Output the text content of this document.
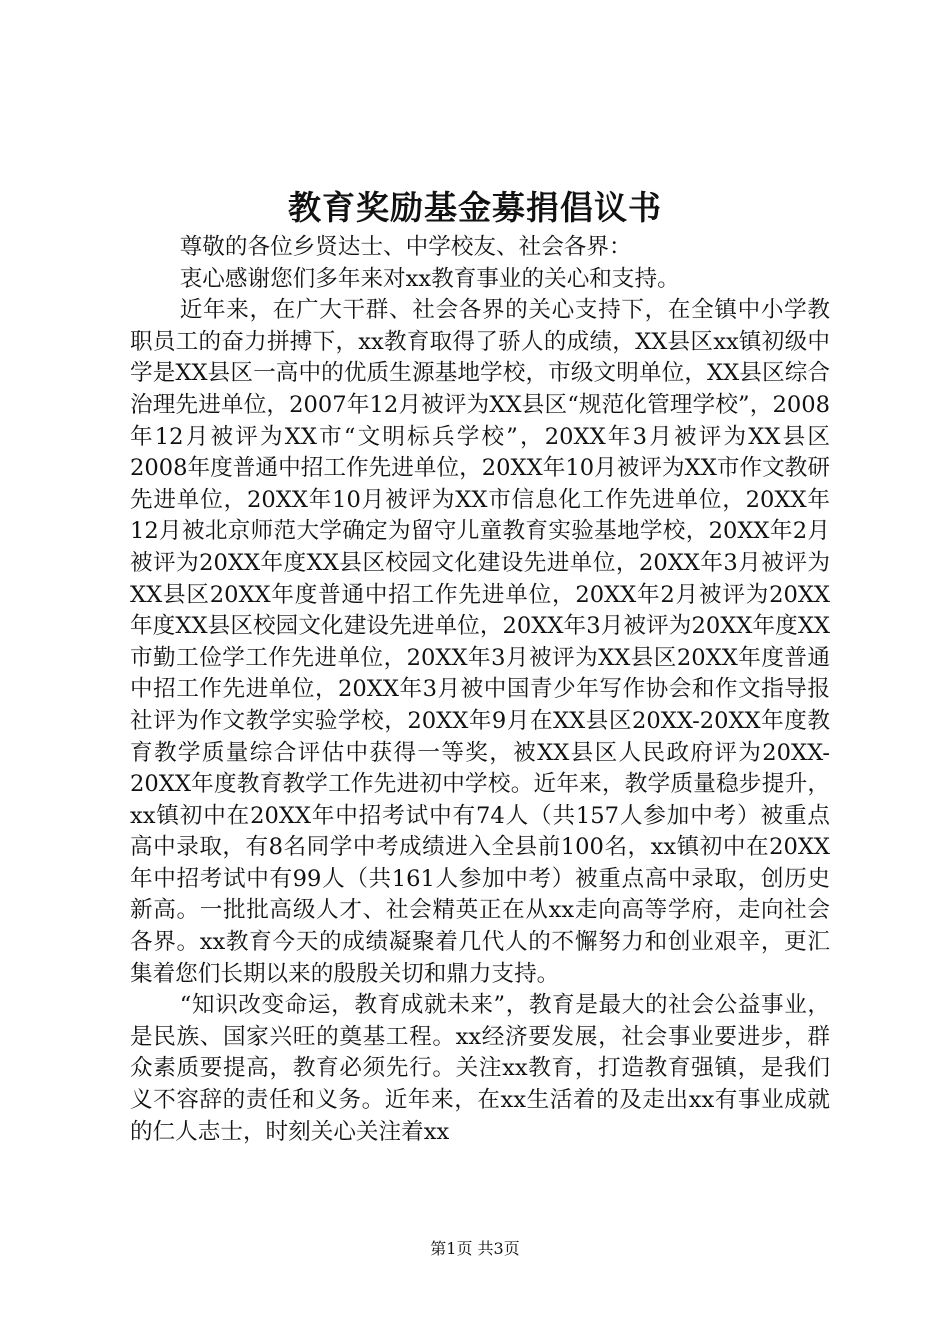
教育奖励基金募捐倡议书

尊敬的各位乡贤达士、中学校友、社会各界：

衷心感谢您们多年来对xx教育事业的关心和支持。

近年来，在广大干群、社会各界的关心支持下，在全镇中小学教职员工的奋力拼搏下，xx教育取得了骄人的成绩，XX县区xx镇初级中学是XX县区一高中的优质生源基地学校，市级文明单位，XX县区综合治理先进单位，2007年12月被评为XX县区“规范化管理学校”，2008年12月被评为XX市“文明标兵学校”，20XX年3月被评为XX县区2008年度普通中招工作先进单位，20XX年10月被评为XX市作文教研先进单位，20XX年10月被评为XX市信息化工作先进单位，20XX年12月被北京师范大学确定为留守儿童教育实验基地学校，20XX年2月被评为20XX年度XX县区校园文化建设先进单位，20XX年3月被评为XX县区20XX年度普通中招工作先进单位，20XX年2月被评为20XX年度XX县区校园文化建设先进单位，20XX年3月被评为20XX年度XX市勤工俭学工作先进单位，20XX年3月被评为XX县区20XX年度普通中招工作先进单位，20XX年3月被中国青少年写作协会和作文指导报社评为作文教学实验学校，20XX年9月在XX县区20XX-20XX年度教育教学质量综合评估中获得一等奖，被XX县区人民政府评为20XX-20XX年度教育教学工作先进初中学校。近年来，教学质量稳步提升，xx镇初中在20XX年中招考试中有74人（共157人参加中考）被重点高中录取，有8名同学中考成绩进入全县前100名，xx镇初中在20XX年中招考试中有99人（共161人参加中考）被重点高中录取，创历史新高。一批批高级人才、社会精英正在从xx走向高等学府，走向社会各界。xx教育今天的成绩凝聚着几代人的不懈努力和创业艰辛，更汇集着您们长期以来的殷殷关切和鼎力支持。

“知识改变命运，教育成就未来”，教育是最大的社会公益事业，是民族、国家兴旺的奠基工程。xx经济要发展，社会事业要进步，群众素质要提高，教育必须先行。关注xx教育，打造教育强镇，是我们义不容辞的责任和义务。近年来，在xx生活着的及走出xx有事业成就的仁人志士，时刻关心关注着xx

第1页 共3页
